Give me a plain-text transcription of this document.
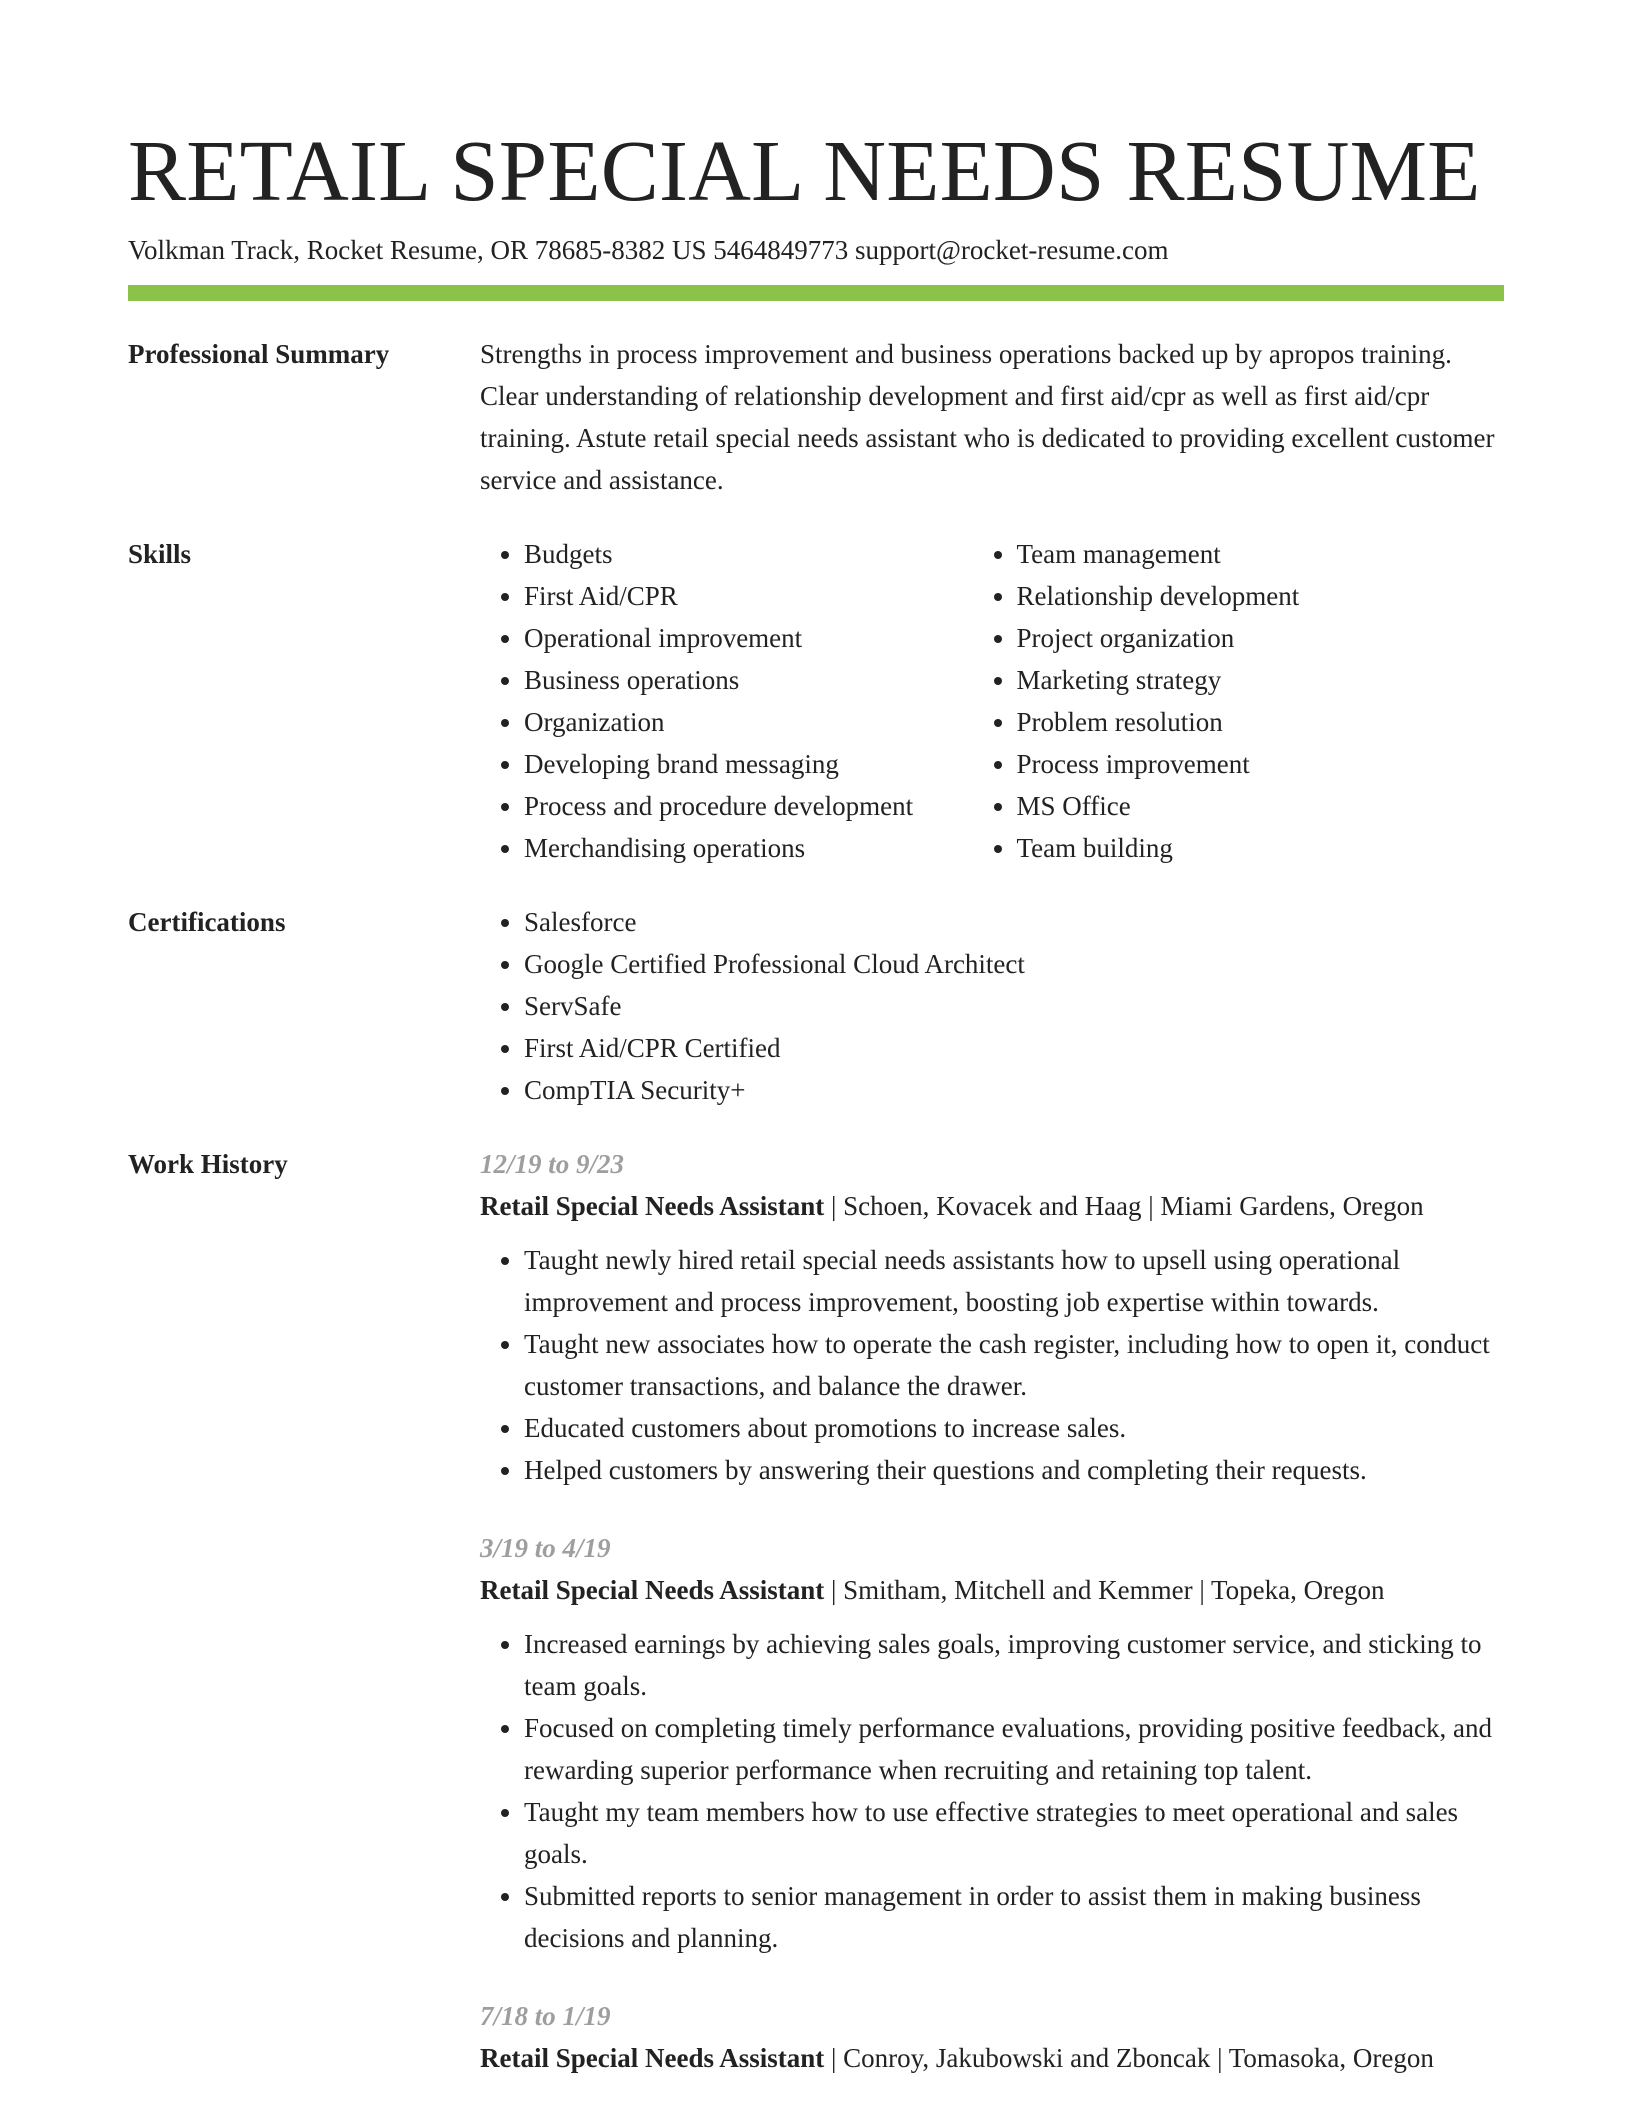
RETAIL SPECIAL NEEDS RESUME
Volkman Track, Rocket Resume, OR 78685-8382 US 5464849773 support@rocket-resume.com
Professional Summary	Strengths in process improvement and business operations backed up by apropos training. Clear understanding of relationship development and first aid/cpr as well as first aid/cpr training. Astute retail special needs assistant who is dedicated to providing excellent customer service and assistance.

Skills	• Budgets
• First Aid/CPR
• Operational improvement
• Business operations
• Organization
• Developing brand messaging
• Process and procedure development
• Merchandising operations
• Team management
• Relationship development
• Project organization
• Marketing strategy
• Problem resolution
• Process improvement
• MS Office
• Team building
Certifications	• Salesforce
• Google Certified Professional Cloud Architect
• ServSafe
• First Aid/CPR Certified
• CompTIA Security+
Work History	12/19 to 9/23
Retail Special Needs Assistant | Schoen, Kovacek and Haag | Miami Gardens, Oregon
• Taught newly hired retail special needs assistants how to upsell using operational improvement and process improvement, boosting job expertise within towards.
• Taught new associates how to operate the cash register, including how to open it, conduct customer transactions, and balance the drawer.
• Educated customers about promotions to increase sales.
• Helped customers by answering their questions and completing their requests.
3/19 to 4/19
Retail Special Needs Assistant | Smitham, Mitchell and Kemmer | Topeka, Oregon
• Increased earnings by achieving sales goals, improving customer service, and sticking to team goals.
• Focused on completing timely performance evaluations, providing positive feedback, and rewarding superior performance when recruiting and retaining top talent.
• Taught my team members how to use effective strategies to meet operational and sales goals.
• Submitted reports to senior management in order to assist them in making business decisions and planning.
7/18 to 1/19
Retail Special Needs Assistant | Conroy, Jakubowski and Zboncak | Tomasoka, Oregon
